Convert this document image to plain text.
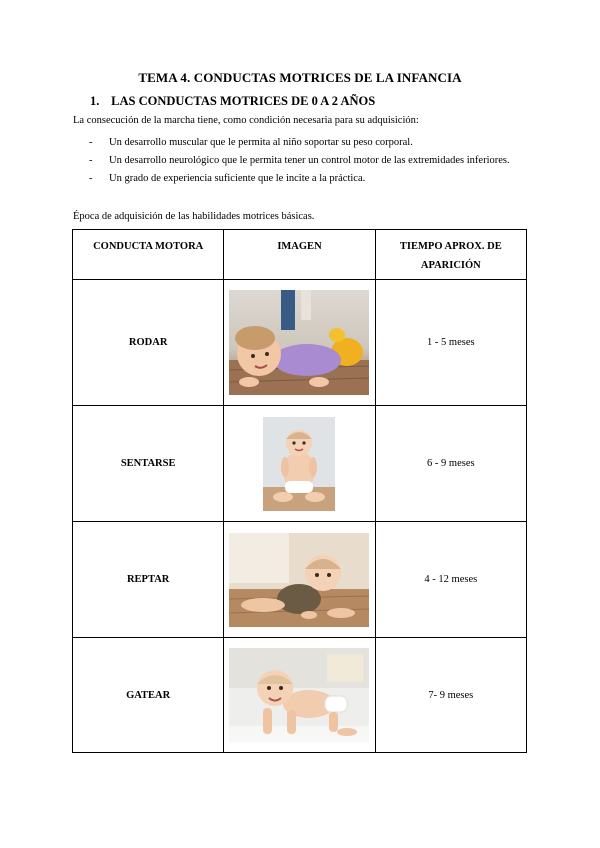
TEMA 4. CONDUCTAS MOTRICES DE LA INFANCIA
1. LAS CONDUCTAS MOTRICES DE 0 A 2 AÑOS
La consecución de la marcha tiene, como condición necesaria para su adquisición:
- Un desarrollo muscular que le permita al niño soportar su peso corporal.
- Un desarrollo neurológico que le permita tener un control motor de las extremidades inferiores.
- Un grado de experiencia suficiente que le incite a la práctica.
Época de adquisición de las habilidades motrices básicas.
CONDUCTA MOTORA	IMAGEN	TIEMPO APROX. DE APARICIÓN
RODAR		1 - 5 meses
SENTARSE		6 - 9 meses
REPTAR		4 - 12 meses
GATEAR		7- 9 meses
